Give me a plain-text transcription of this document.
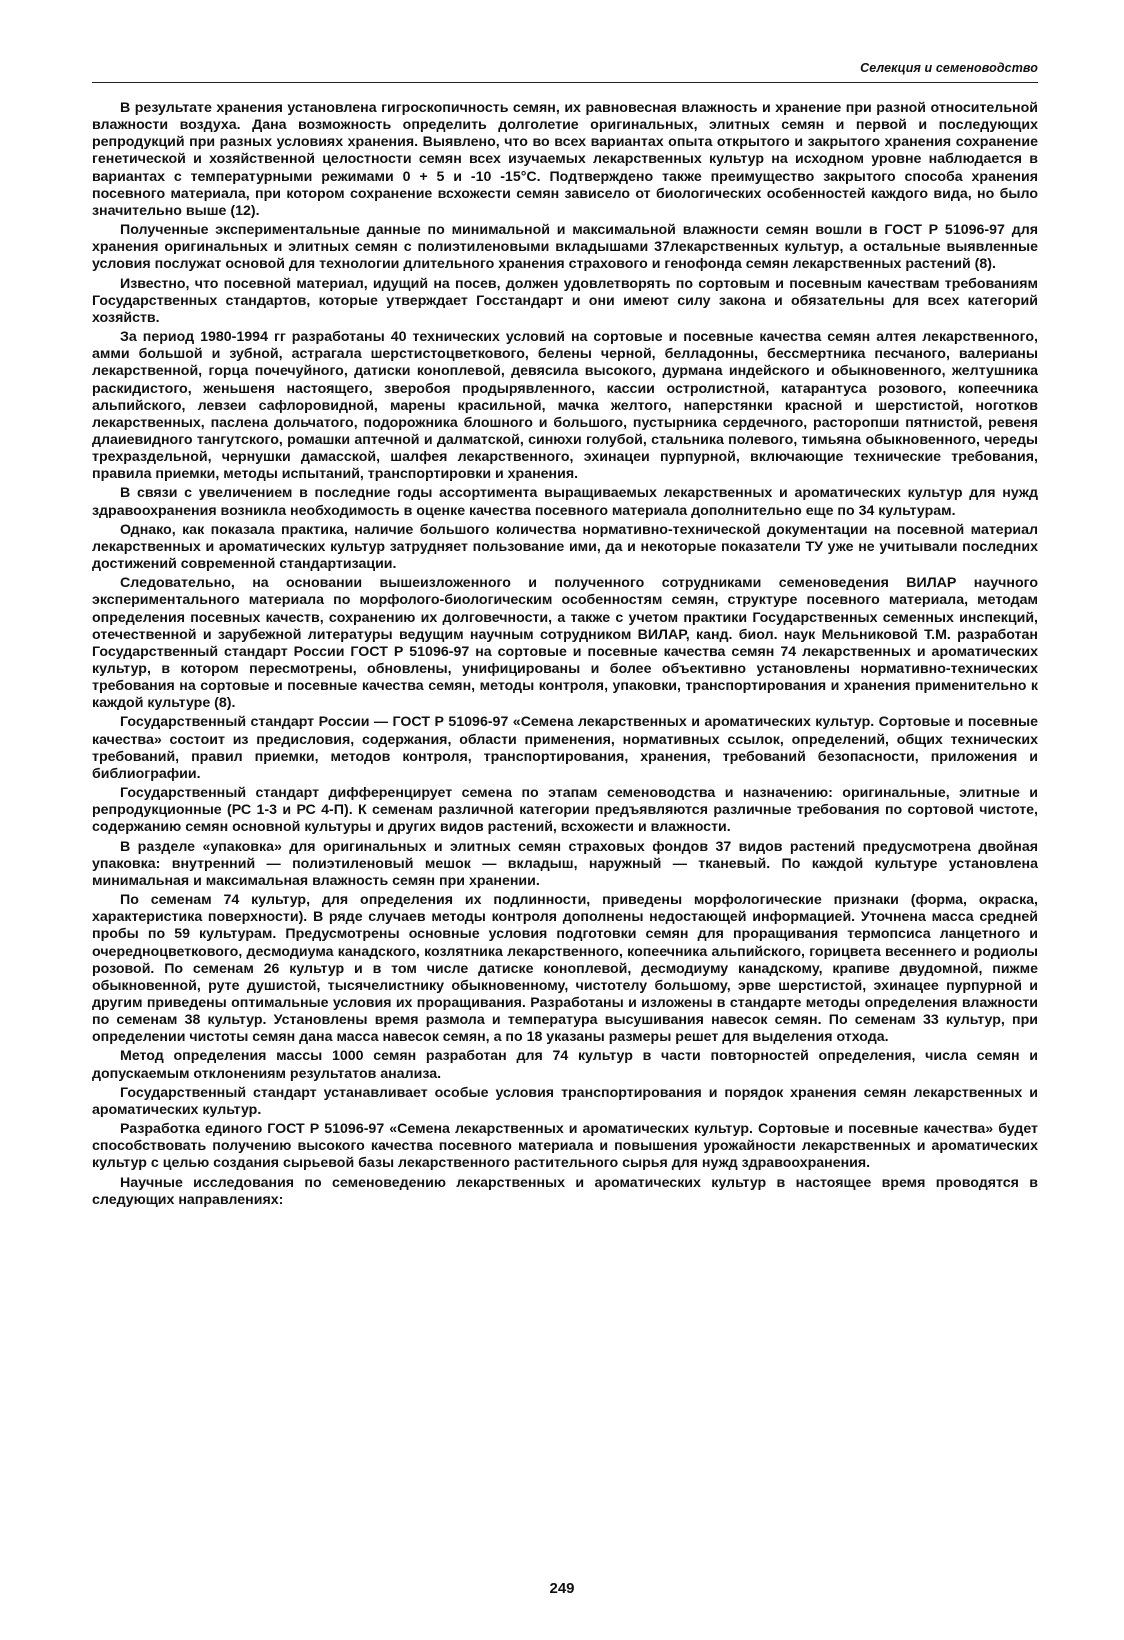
Селекция и семеноводство

В результате хранения установлена гигроскопичность семян, их равновесная влажность и хранение при разной относительной влажности воздуха. Дана возможность определить долголетие оригинальных, элитных семян и первой и последующих репродукций при разных условиях хранения. Выявлено, что во всех вариантах опыта открытого и закрытого хранения сохранение генетической и хозяйственной целостности семян всех изучаемых лекарственных культур на исходном уровне наблюдается в вариантах с температурными режимами 0 + 5 и -10 -15°С. Подтверждено также преимущество закрытого способа хранения посевного материала, при котором сохранение всхожести семян зависело от биологических особенностей каждого вида, но было значительно выше (12).

Полученные экспериментальные данные по минимальной и максимальной влажности семян вошли в ГОСТ Р 51096-97 для хранения оригинальных и элитных семян с полиэтиленовыми вкладышами 37лекарственных культур, а остальные выявленные условия послужат основой для технологии длительного хранения страхового и генофонда семян лекарственных растений (8).

Известно, что посевной материал, идущий на посев, должен удовлетворять по сортовым и посевным качествам требованиям Государственных стандартов, которые утверждает Госстандарт и они имеют силу закона и обязательны для всех категорий хозяйств.

За период 1980-1994 гг разработаны 40 технических условий на сортовые и посевные качества семян алтея лекарственного, амми большой и зубной, астрагала шерстистоцветкового, белены черной, белладонны, бессмертника песчаного, валерианы лекарственной, горца почечуйного, датиски коноплевой, девясила высокого, дурмана индейского и обыкновенного, желтушника раскидистого, женьшеня настоящего, зверобоя продырявленного, кассии остролистной, катарантуса розового, копеечника альпийского, левзеи сафлоровидной, марены красильной, мачка желтого, наперстянки красной и шерстистой, ноготков лекарственных, паслена дольчатого, подорожника блошного и большого, пустырника сердечного, расторопши пятнистой, ревеня длаиевидного тангутского, ромашки аптечной и далматской, синюхи голубой, стальника полевого, тимьяна обыкновенного, череды трехраздельной, чернушки дамасской, шалфея лекарственного, эхинацеи пурпурной, включающие технические требования, правила приемки, методы испытаний, транспортировки и хранения.

В связи с увеличением в последние годы ассортимента выращиваемых лекарственных и ароматических культур для нужд здравоохранения возникла необходимость в оценке качества посевного материала дополнительно еще по 34 культурам.

Однако, как показала практика, наличие большого количества нормативно-технической документации на посевной материал лекарственных и ароматических культур затрудняет пользование ими, да и некоторые показатели ТУ уже не учитывали последних достижений современной стандартизации.

Следовательно, на основании вышеизложенного и полученного сотрудниками семеноведения ВИЛАР научного экспериментального материала по морфолого-биологическим особенностям семян, структуре посевного материала, методам определения посевных качеств, сохранению их долговечности, а также с учетом практики Государственных семенных инспекций, отечественной и зарубежной литературы ведущим научным сотрудником ВИЛАР, канд. биол. наук Мельниковой Т.М. разработан Государственный стандарт России ГОСТ Р 51096-97 на сортовые и посевные качества семян 74 лекарственных и ароматических культур, в котором пересмотрены, обновлены, унифицированы и более объективно установлены нормативно-технических требования на сортовые и посевные качества семян, методы контроля, упаковки, транспортирования и хранения применительно к каждой культуре (8).

Государственный стандарт России — ГОСТ Р 51096-97 «Семена лекарственных и ароматических культур. Сортовые и посевные качества» состоит из предисловия, содержания, области применения, нормативных ссылок, определений, общих технических требований, правил приемки, методов контроля, транспортирования, хранения, требований безопасности, приложения и библиографии.

Государственный стандарт дифференцирует семена по этапам семеноводства и назначению: оригинальные, элитные и репродукционные (РС 1-3 и РС 4-П). К семенам различной категории предъявляются различные требования по сортовой чистоте, содержанию семян основной культуры и других видов растений, всхожести и влажности.

В разделе «упаковка» для оригинальных и элитных семян страховых фондов 37 видов растений предусмотрена двойная упаковка: внутренний — полиэтиленовый мешок — вкладыш, наружный — тканевый. По каждой культуре установлена минимальная и максимальная влажность семян при хранении.

По семенам 74 культур, для определения их подлинности, приведены морфологические признаки (форма, окраска, характеристика поверхности). В ряде случаев методы контроля дополнены недостающей информацией. Уточнена масса средней пробы по 59 культурам. Предусмотрены основные условия подготовки семян для проращивания термопсиса ланцетного и очередноцветкового, десмодиума канадского, козлятника лекарственного, копеечника альпийского, горицвета весеннего и родиолы розовой. По семенам 26 культур и в том числе датиске коноплевой, десмодиуму канадскому, крапиве двудомной, пижме обыкновенной, руте душистой, тысячелистнику обыкновенному, чистотелу большому, эрве шерстистой, эхинацее пурпурной и другим приведены оптимальные условия их проращивания. Разработаны и изложены в стандарте методы определения влажности по семенам 38 культур. Установлены время размола и температура высушивания навесок семян. По семенам 33 культур, при определении чистоты семян дана масса навесок семян, а по 18 указаны размеры решет для выделения отхода.

Метод определения массы 1000 семян разработан для 74 культур в части повторностей определения, числа семян и допускаемым отклонениям результатов анализа.

Государственный стандарт устанавливает особые условия транспортирования и порядок хранения семян лекарственных и ароматических культур.

Разработка единого ГОСТ Р 51096-97 «Семена лекарственных и ароматических культур. Сортовые и посевные качества» будет способствовать получению высокого качества посевного материала и повышения урожайности лекарственных и ароматических культур с целью создания сырьевой базы лекарственного растительного сырья для нужд здравоохранения.

Научные исследования по семеноведению лекарственных и ароматических культур в настоящее время проводятся в следующих направлениях:

249
